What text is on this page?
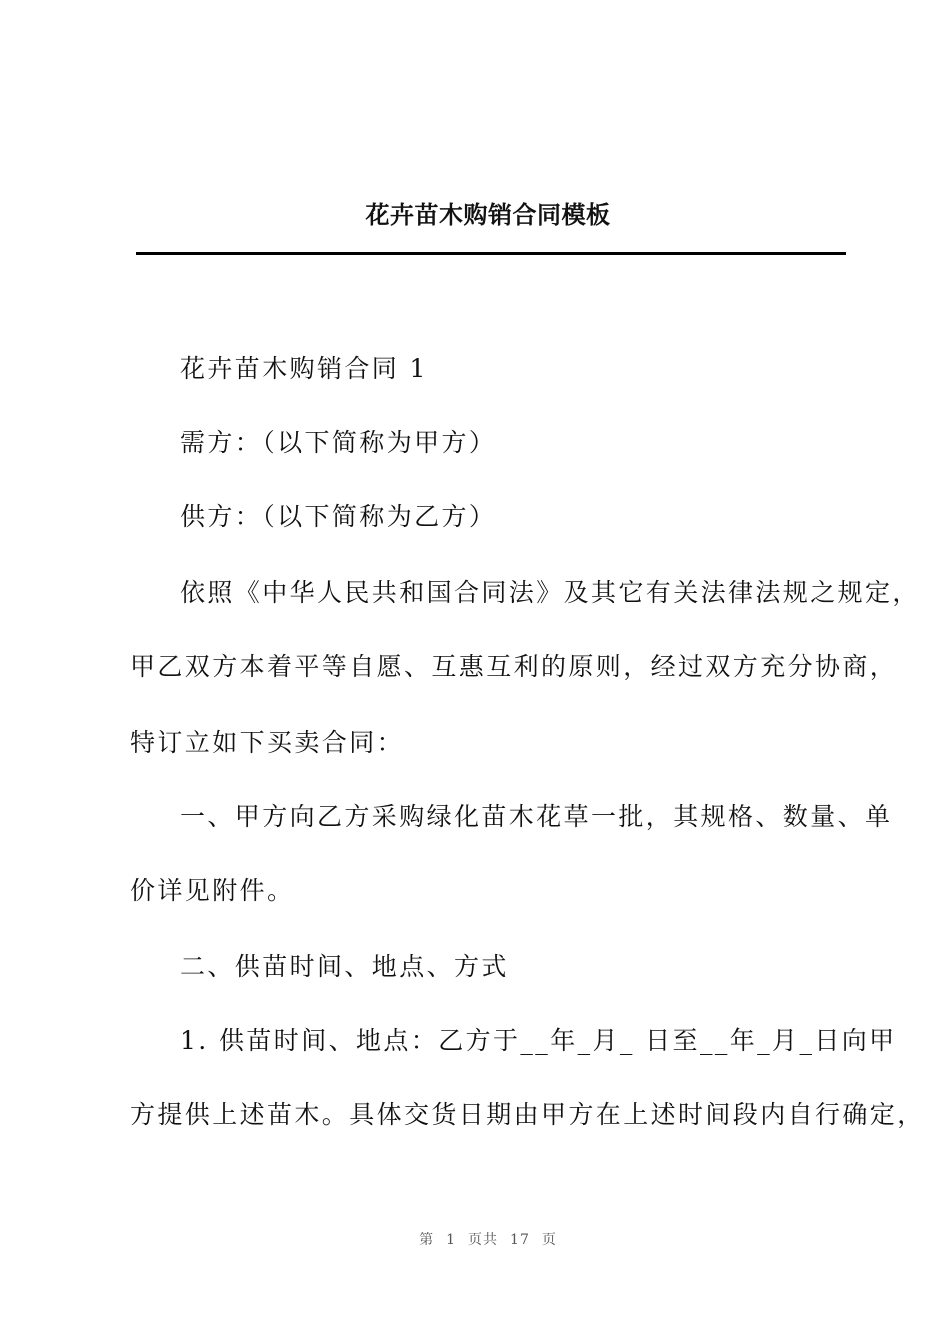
花卉苗木购销合同模板
花卉苗木购销合同 1
需方：（以下简称为甲方）
供方：（以下简称为乙方）
依照《中华人民共和国合同法》及其它有关法律法规之规定，
甲乙双方本着平等自愿、互惠互利的原则，经过双方充分协商，
特订立如下买卖合同：
一、甲方向乙方采购绿化苗木花草一批，其规格、数量、单
价详见附件。
二、供苗时间、地点、方式
1. 供苗时间、地点：乙方于__年_月_ 日至__年_月_日向甲
方提供上述苗木。具体交货日期由甲方在上述时间段内自行确定，
第 1 页共 17 页
